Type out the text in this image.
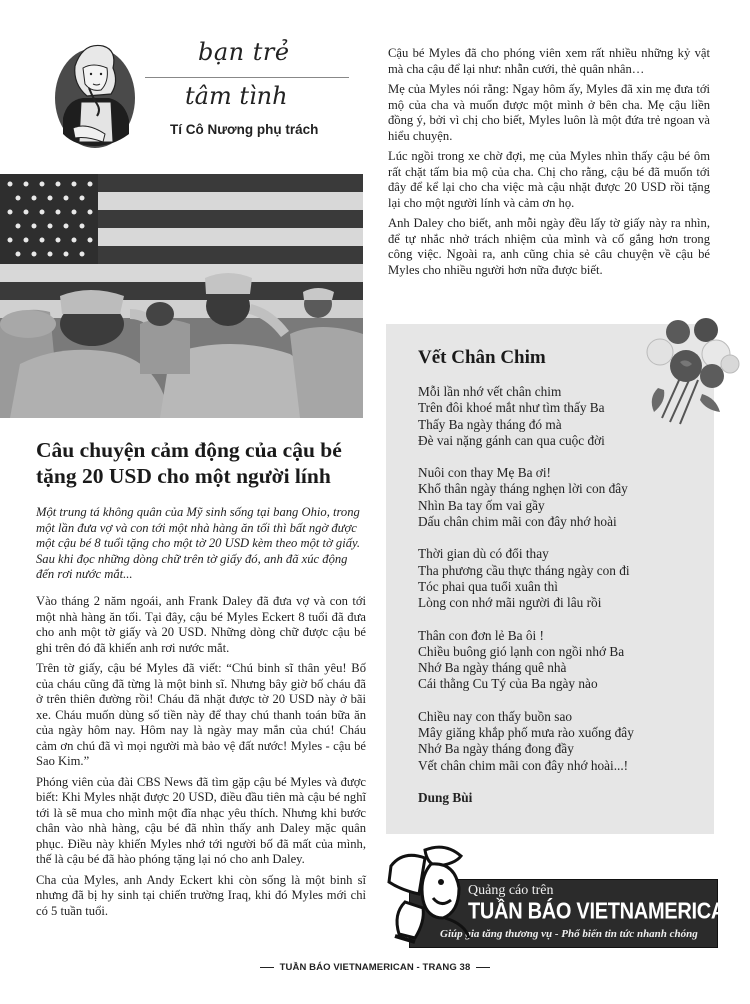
bạn trẻ
tâm tình
Tí Cô Nương phụ trách
Câu chuyện cảm động của cậu bé tặng 20 USD cho một người lính

Một trung tá không quân của Mỹ sinh sống tại bang Ohio, trong một lần đưa vợ và con tới một nhà hàng ăn tối thì bất ngờ được một cậu bé 8 tuổi tặng cho một tờ 20 USD kèm theo một tờ giấy. Sau khi đọc những dòng chữ trên tờ giấy đó, anh đã xúc động đến rơi nước mắt...

Vào tháng 2 năm ngoái, anh Frank Daley đã đưa vợ và con tới một nhà hàng ăn tối. Tại đây, cậu bé Myles Eckert 8 tuổi đã đưa cho anh một tờ giấy và 20 USD. Những dòng chữ được cậu bé ghi trên đó đã khiến anh rơi nước mắt.

Trên tờ giấy, cậu bé Myles đã viết: “Chú binh sĩ thân yêu! Bố của cháu cũng đã từng là một binh sĩ. Nhưng bây giờ bố cháu đã ở trên thiên đường rồi! Cháu đã nhặt được tờ 20 USD này ở bãi xe. Cháu muốn dùng số tiền này để thay chú thanh toán bữa ăn của ngày hôm nay. Hôm nay là ngày may mắn của chú! Cháu cảm ơn chú đã vì mọi người mà bảo vệ đất nước! Myles - cậu bé Sao Kim.”

Phóng viên của đài CBS News đã tìm gặp cậu bé Myles và được biết: Khi Myles nhặt được 20 USD, điều đầu tiên mà cậu bé nghĩ tới là sẽ mua cho mình một đĩa nhạc yêu thích. Nhưng khi bước chân vào nhà hàng, cậu bé đã nhìn thấy anh Daley mặc quân phục. Điều này khiến Myles nhớ tới người bố đã mất của mình, thế là cậu bé đã hào phóng tặng lại nó cho anh Daley.

Cha của Myles, anh Andy Eckert khi còn sống là một binh sĩ nhưng đã bị hy sinh tại chiến trường Iraq, khi đó Myles mới chỉ có 5 tuần tuổi.

Cậu bé Myles đã cho phóng viên xem rất nhiều những kỷ vật mà cha cậu để lại như: nhẫn cưới, thẻ quân nhân…

Mẹ của Myles nói rằng: Ngay hôm ấy, Myles đã xin mẹ đưa tới mộ của cha và muốn được một mình ở bên cha. Mẹ cậu liền đồng ý, bởi vì chị cho biết, Myles luôn là một đứa trẻ ngoan và hiểu chuyện.

Lúc ngồi trong xe chờ đợi, mẹ của Myles nhìn thấy cậu bé ôm rất chặt tấm bia mộ của cha. Chị cho rằng, cậu bé đã muốn tới đây để kể lại cho cha việc mà cậu nhặt được 20 USD rồi tặng lại cho một người lính và cảm ơn họ.

Anh Daley cho biết, anh mỗi ngày đều lấy tờ giấy này ra nhìn, để tự nhắc nhở trách nhiệm của mình và cố gắng hơn trong công việc. Ngoài ra, anh cũng chia sẻ câu chuyện về cậu bé Myles cho nhiều người hơn nữa được biết.

Vết Chân Chim
Mỗi lần nhớ vết chân chim
Trên đôi khoé mắt như tìm thấy Ba
Thấy Ba ngày tháng đó mà
Đè vai nặng gánh can qua cuộc đời
Nuôi con thay Mẹ Ba ơi!
Khổ thân ngày tháng nghẹn lời con đây
Nhìn Ba tay ốm vai gầy
Dấu chân chim mãi con đây nhớ hoài
Thời gian dù có đổi thay
Tha phương cầu thực tháng ngày con đi
Tóc phai qua tuổi xuân thì
Lòng con nhớ mãi người đi lâu rồi
Thân con đơn lẻ Ba ôi !
Chiều buông gió lạnh con ngồi nhớ Ba
Nhớ Ba ngày tháng quê nhà
Cái thằng Cu Tý của Ba ngày nào
Chiều nay con thấy buồn sao
Mây giăng khắp phố mưa rào xuống đây
Nhớ Ba ngày tháng đong đầy
Vết chân chim mãi con đây nhớ hoài...!
Dung Bùi
Quảng cáo trên
TUẦN BÁO VIETNAMERICAN
Giúp gia tăng thương vụ - Phổ biến tin tức nhanh chóng
TUẦN BÁO VIETNAMERICAN - TRANG 38
